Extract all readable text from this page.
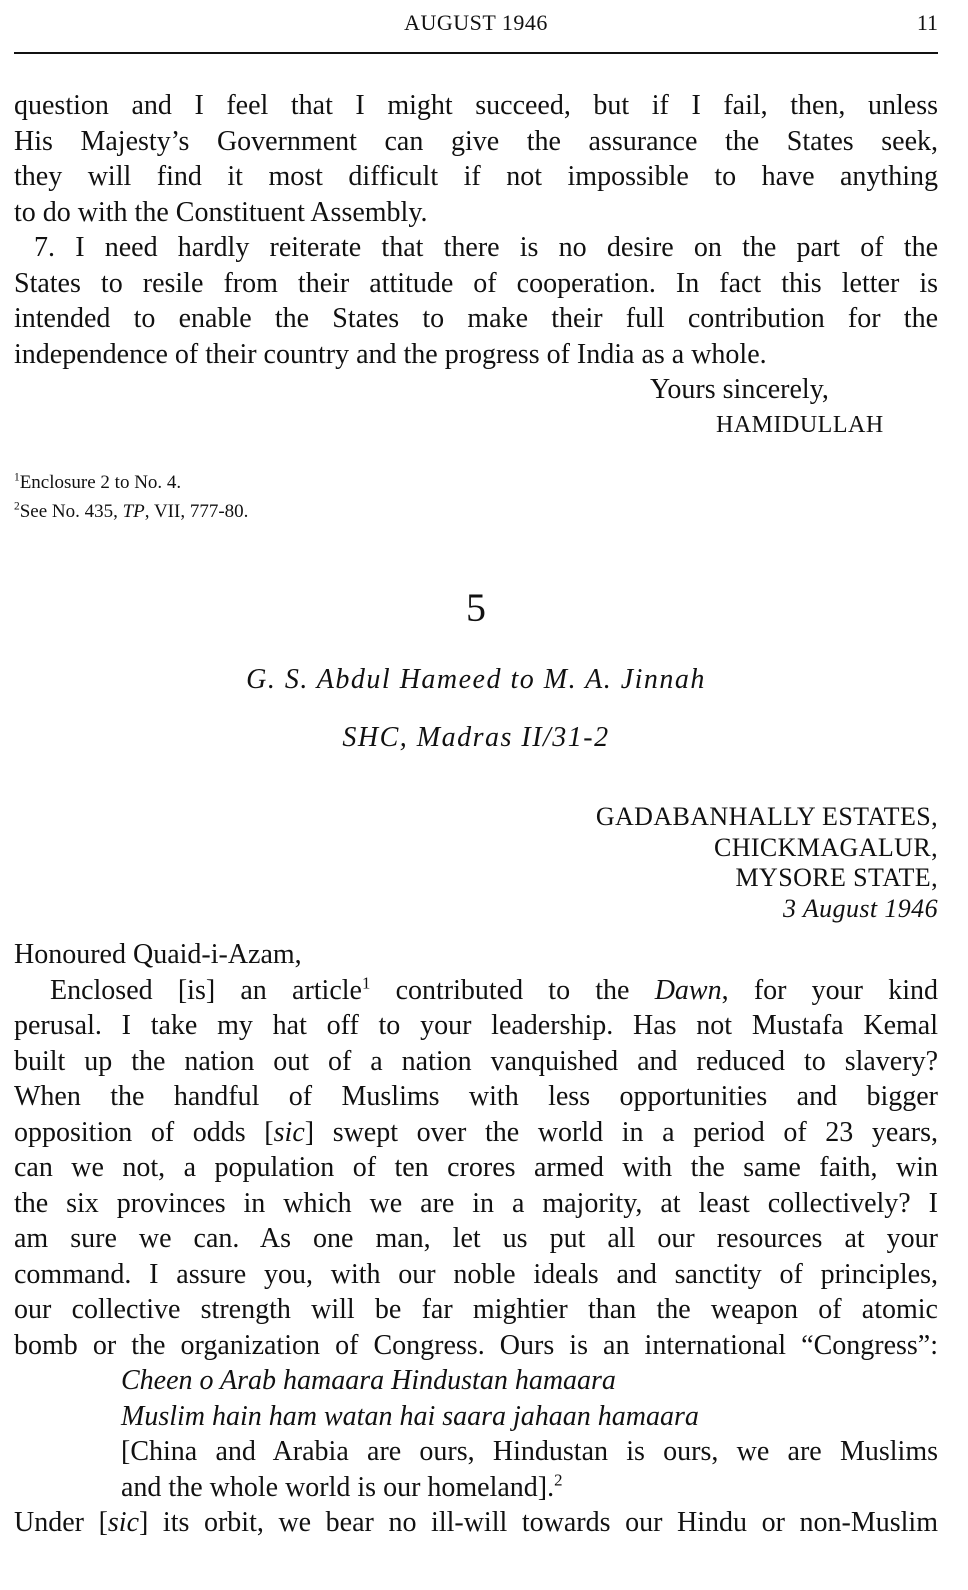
AUGUST 1946	11
question and I feel that I might succeed, but if I fail, then, unless
His Majesty’s Government can give the assurance the States seek,
they will find it most difficult if not impossible to have anything
to do with the Constituent Assembly.
7. I need hardly reiterate that there is no desire on the part of the
States to resile from their attitude of cooperation. In fact this letter is
intended to enable the States to make their full contribution for the
independence of their country and the progress of India as a whole.
Yours sincerely,
HAMIDULLAH
$^1$Enclosure 2 to No. 4.
$^2$See No. 435, TP, VII, 777-80.
5
G. S. Abdul Hameed to M. A. Jinnah
SHC, Madras II/31-2
GADABANHALLY ESTATES,
CHICKMAGALUR,
MYSORE STATE,
3 August 1946
Honoured Quaid-i-Azam,
Enclosed [is] an article$^1$ contributed to the Dawn, for your kind
perusal. I take my hat off to your leadership. Has not Mustafa Kemal
built up the nation out of a nation vanquished and reduced to slavery?
When the handful of Muslims with less opportunities and bigger
opposition of odds [sic] swept over the world in a period of 23 years,
can we not, a population of ten crores armed with the same faith, win
the six provinces in which we are in a majority, at least collectively? I
am sure we can. As one man, let us put all our resources at your
command. I assure you, with our noble ideals and sanctity of principles,
our collective strength will be far mightier than the weapon of atomic
bomb or the organization of Congress. Ours is an international “Congress”:
Cheen o Arab hamaara Hindustan hamaara
Muslim hain ham watan hai saara jahaan hamaara
[China and Arabia are ours, Hindustan is ours, we are Muslims
and the whole world is our homeland].$^2$
Under [sic] its orbit, we bear no ill-will towards our Hindu or non-Muslim
